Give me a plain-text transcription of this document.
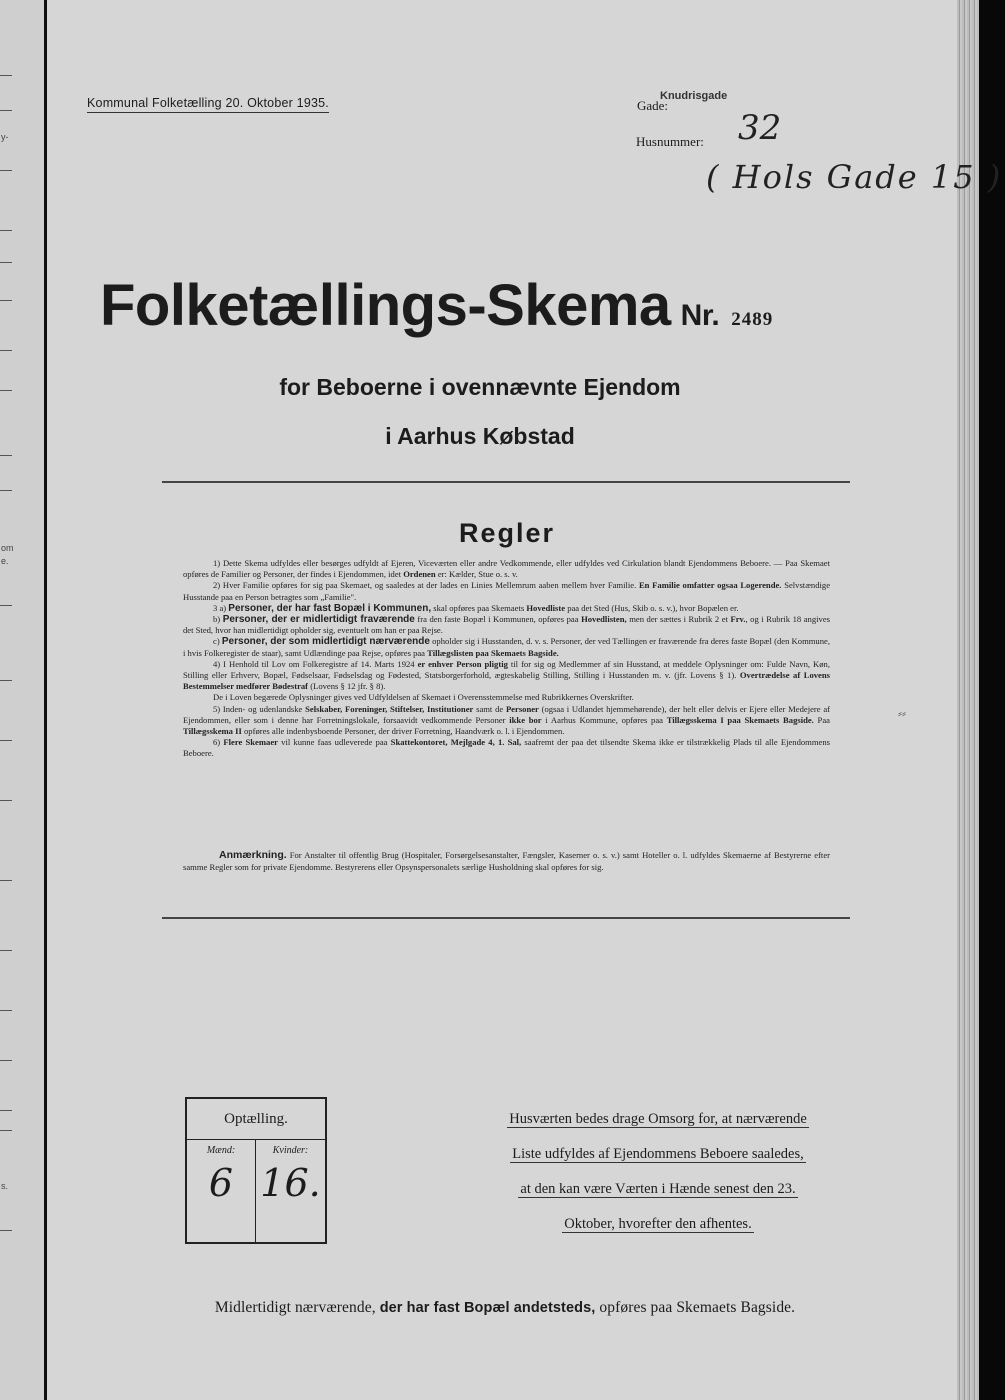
y-
om
e.
s.
Kommunal Folketælling 20. Oktober 1935.	Gade:
Knudrisgade
Husnummer: 32
( Hols Gade 15 )
Folketællings-Skema Nr. 2489
for Beboerne i ovennævnte Ejendom
i Aarhus Købstad
Regler

1) Dette Skema udfyldes eller besørges udfyldt af Ejeren, Viceværten eller andre Vedkommende, eller udfyldes ved Cirkulation blandt Ejendommens Beboere. — Paa Skemaet opføres de Familier og Personer, der findes i Ejendommen, idet Ordenen er: Kælder, Stue o. s. v.

2) Hver Familie opføres for sig paa Skemaet, og saaledes at der lades en Linies Mellemrum aaben mellem hver Familie. En Familie omfatter ogsaa Logerende. Selvstændige Husstande paa en Person betragtes som „Familie".

3 a) Personer, der har fast Bopæl i Kommunen, skal opføres paa Skemaets Hovedliste paa det Sted (Hus, Skib o. s. v.), hvor Bopælen er.

b) Personer, der er midlertidigt fraværende fra den faste Bopæl i Kommunen, opføres paa Hovedlisten, men der sættes i Rubrik 2 et Frv., og i Rubrik 18 angives det Sted, hvor han midlertidigt opholder sig, eventuelt om han er paa Rejse.

c) Personer, der som midlertidigt nærværende opholder sig i Husstanden, d. v. s. Personer, der ved Tællingen er fraværende fra deres faste Bopæl (den Kommune, i hvis Folkeregister de staar), samt Udlændinge paa Rejse, opføres paa Tillægslisten paa Skemaets Bagside.

4) I Henhold til Lov om Folkeregistre af 14. Marts 1924 er enhver Person pligtig til for sig og Medlemmer af sin Husstand, at meddele Oplysninger om: Fulde Navn, Køn, Stilling eller Erhverv, Bopæl, Fødselsaar, Fødselsdag og Fødested, Statsborgerforhold, ægteskabelig Stilling, Stilling i Husstanden m. v. (jfr. Lovens § 1). Overtrædelse af Lovens Bestemmelser medfører Bødestraf (Lovens § 12 jfr. § 8).

De i Loven begærede Oplysninger gives ved Udfyldelsen af Skemaet i Overensstemmelse med Rubrikkernes Overskrifter.

5) Inden- og udenlandske Selskaber, Foreninger, Stiftelser, Institutioner samt de Personer (ogsaa i Udlandet hjemmehørende), der helt eller delvis er Ejere eller Medejere af Ejendommen, eller som i denne har Forretningslokale, forsaavidt vedkommende Personer ikke bor i Aarhus Kommune, opføres paa Tillægsskema I paa Skemaets Bagside. Paa Tillægsskema II opføres alle indenbysboende Personer, der driver Forretning, Haandværk o. l. i Ejendommen.

6) Flere Skemaer vil kunne faas udleverede paa Skattekontoret, Mejlgade 4, 1. Sal, saafremt der paa det tilsendte Skema ikke er tilstrækkelig Plads til alle Ejendommens Beboere.

Anmærkning. For Anstalter til offentlig Brug (Hospitaler, Forsørgelsesanstalter, Fængsler, Kaserner o. s. v.) samt Hoteller o. l. udfyldes Skemaerne af Bestyrerne efter samme Regler som for private Ejendomme. Bestyrerens eller Opsynspersonalets særlige Husholdning skal opføres for sig.

⸗⸗
Optælling.
Mænd:
6
Kvinder:
16.
Husværten bedes drage Omsorg for, at nærværende
Liste udfyldes af Ejendommens Beboere saaledes,
at den kan være Værten i Hænde senest den 23.
Oktober, hvorefter den afhentes.
Midlertidigt nærværende, der har fast Bopæl andetsteds, opføres paa Skemaets Bagside.
